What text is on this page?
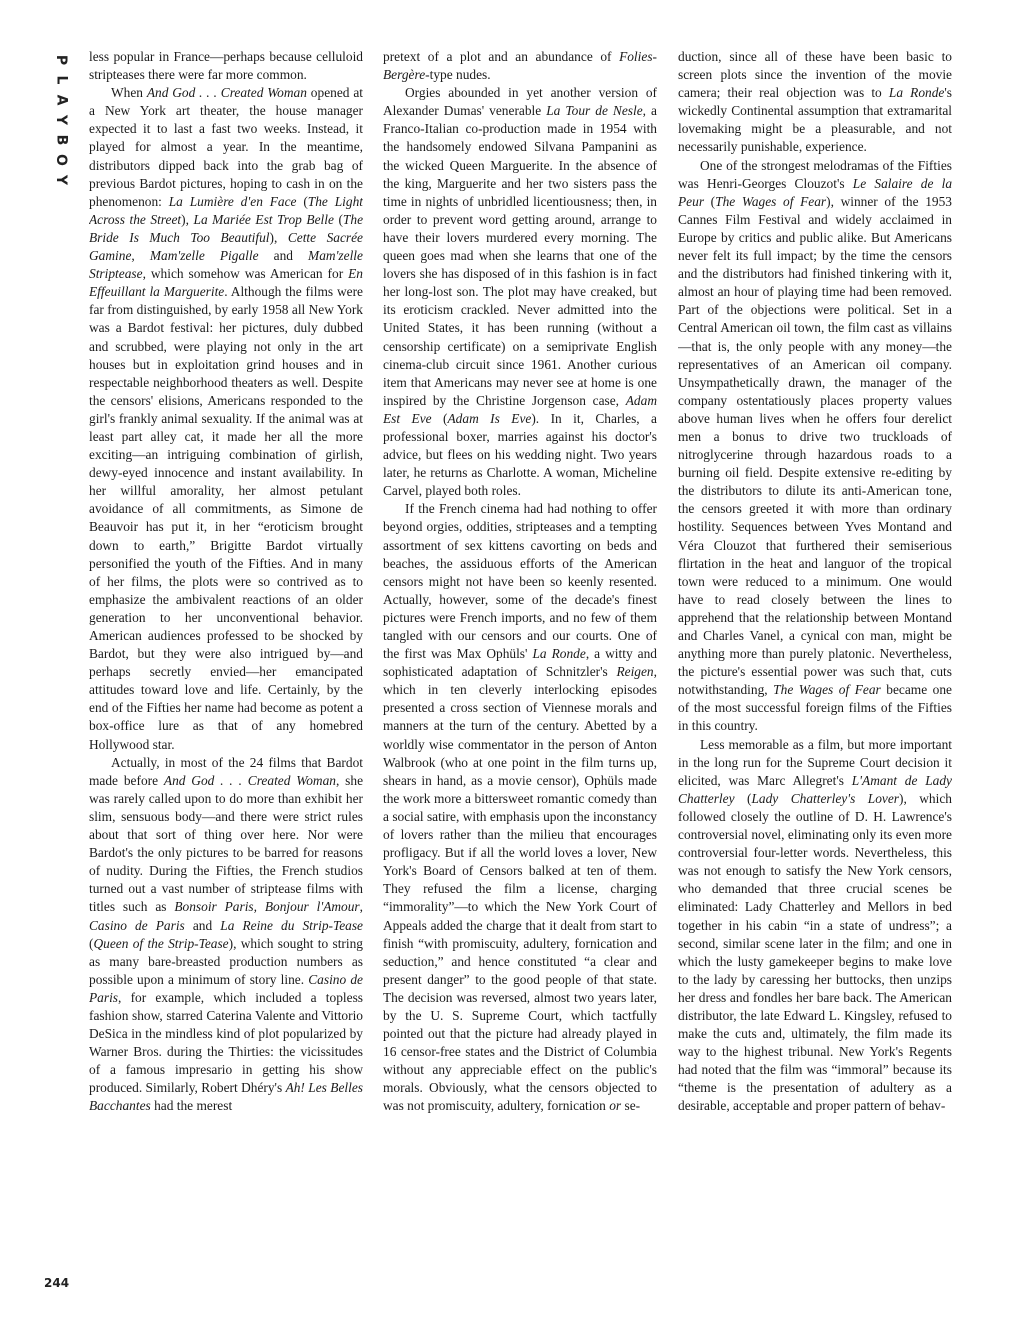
P
L
A
Y
B
O
Y
244

less popular in France—perhaps because celluloid stripteases there were far more common.

When And God . . . Created Woman opened at a New York art theater, the house manager expected it to last a fast two weeks. Instead, it played for almost a year. In the meantime, distributors dipped back into the grab bag of previous Bardot pictures, hoping to cash in on the phenomenon: La Lumière d'en Face (The Light Across the Street), La Mariée Est Trop Belle (The Bride Is Much Too Beautiful), Cette Sacrée Gamine, Mam'zelle Pigalle and Mam'zelle Striptease, which somehow was American for En Effeuillant la Marguerite. Although the films were far from distinguished, by early 1958 all New York was a Bardot festival: her pictures, duly dubbed and scrubbed, were playing not only in the art houses but in exploitation grind houses and in respectable neighborhood theaters as well. Despite the censors' elisions, Americans responded to the girl's frankly animal sexuality. If the animal was at least part alley cat, it made her all the more exciting—an intriguing combination of girlish, dewy-eyed innocence and instant availability. In her willful amorality, her almost petulant avoidance of all commitments, as Simone de Beauvoir has put it, in her “eroticism brought down to earth,” Brigitte Bardot virtually personified the youth of the Fifties. And in many of her films, the plots were so contrived as to emphasize the ambivalent reactions of an older generation to her unconventional behavior. American audiences professed to be shocked by Bardot, but they were also intrigued by—and perhaps secretly envied—her emancipated attitudes toward love and life. Certainly, by the end of the Fifties her name had become as potent a box-office lure as that of any homebred Hollywood star.

Actually, in most of the 24 films that Bardot made before And God . . . Created Woman, she was rarely called upon to do more than exhibit her slim, sensuous body—and there were strict rules about that sort of thing over here. Nor were Bardot's the only pictures to be barred for reasons of nudity. During the Fifties, the French studios turned out a vast number of striptease films with titles such as Bonsoir Paris, Bonjour l'Amour, Casino de Paris and La Reine du Strip-Tease (Queen of the Strip-Tease), which sought to string as many bare-breasted production numbers as possible upon a minimum of story line. Casino de Paris, for example, which included a topless fashion show, starred Caterina Valente and Vittorio DeSica in the mindless kind of plot popularized by Warner Bros. during the Thirties: the vicissitudes of a famous impresario in getting his show produced. Similarly, Robert Dhéry's Ah! Les Belles Bacchantes had the merest

pretext of a plot and an abundance of Folies-Bergère-type nudes.

Orgies abounded in yet another version of Alexander Dumas' venerable La Tour de Nesle, a Franco-Italian co-production made in 1954 with the handsomely endowed Silvana Pampanini as the wicked Queen Marguerite. In the absence of the king, Marguerite and her two sisters pass the time in nights of unbridled licentiousness; then, in order to prevent word getting around, arrange to have their lovers murdered every morning. The queen goes mad when she learns that one of the lovers she has disposed of in this fashion is in fact her long-lost son. The plot may have creaked, but its eroticism crackled. Never admitted into the United States, it has been running (without a censorship certificate) on a semiprivate English cinema-club circuit since 1961. Another curious item that Americans may never see at home is one inspired by the Christine Jorgenson case, Adam Est Eve (Adam Is Eve). In it, Charles, a professional boxer, marries against his doctor's advice, but flees on his wedding night. Two years later, he returns as Charlotte. A woman, Micheline Carvel, played both roles.

If the French cinema had had nothing to offer beyond orgies, oddities, stripteases and a tempting assortment of sex kittens cavorting on beds and beaches, the assiduous efforts of the American censors might not have been so keenly resented. Actually, however, some of the decade's finest pictures were French imports, and no few of them tangled with our censors and our courts. One of the first was Max Ophüls' La Ronde, a witty and sophisticated adaptation of Schnitzler's Reigen, which in ten cleverly interlocking episodes presented a cross section of Viennese morals and manners at the turn of the century. Abetted by a worldly wise commentator in the person of Anton Walbrook (who at one point in the film turns up, shears in hand, as a movie censor), Ophüls made the work more a bittersweet romantic comedy than a social satire, with emphasis upon the inconstancy of lovers rather than the milieu that encourages profligacy. But if all the world loves a lover, New York's Board of Censors balked at ten of them. They refused the film a license, charging “immorality”—to which the New York Court of Appeals added the charge that it dealt from start to finish “with promiscuity, adultery, fornication and seduction,” and hence constituted “a clear and present danger” to the good people of that state. The decision was reversed, almost two years later, by the U. S. Supreme Court, which tactfully pointed out that the picture had already played in 16 censor-free states and the District of Columbia without any appreciable effect on the public's morals. Obviously, what the censors objected to was not promiscuity, adultery, fornication or se-

duction, since all of these have been basic to screen plots since the invention of the movie camera; their real objection was to La Ronde's wickedly Continental assumption that extramarital lovemaking might be a pleasurable, and not necessarily punishable, experience.

One of the strongest melodramas of the Fifties was Henri-Georges Clouzot's Le Salaire de la Peur (The Wages of Fear), winner of the 1953 Cannes Film Festival and widely acclaimed in Europe by critics and public alike. But Americans never felt its full impact; by the time the censors and the distributors had finished tinkering with it, almost an hour of playing time had been removed. Part of the objections were political. Set in a Central American oil town, the film cast as villains—that is, the only people with any money—the representatives of an American oil company. Unsympathetically drawn, the manager of the company ostentatiously places property values above human lives when he offers four derelict men a bonus to drive two truckloads of nitroglycerine through hazardous roads to a burning oil field. Despite extensive re-editing by the distributors to dilute its anti-American tone, the censors greeted it with more than ordinary hostility. Sequences between Yves Montand and Véra Clouzot that furthered their semiserious flirtation in the heat and languor of the tropical town were reduced to a minimum. One would have to read closely between the lines to apprehend that the relationship between Montand and Charles Vanel, a cynical con man, might be anything more than purely platonic. Nevertheless, the picture's essential power was such that, cuts notwithstanding, The Wages of Fear became one of the most successful foreign films of the Fifties in this country.

Less memorable as a film, but more important in the long run for the Supreme Court decision it elicited, was Marc Allegret's L'Amant de Lady Chatterley (Lady Chatterley's Lover), which followed closely the outline of D. H. Lawrence's controversial novel, eliminating only its even more controversial four-letter words. Nevertheless, this was not enough to satisfy the New York censors, who demanded that three crucial scenes be eliminated: Lady Chatterley and Mellors in bed together in his cabin “in a state of undress”; a second, similar scene later in the film; and one in which the lusty gamekeeper begins to make love to the lady by caressing her buttocks, then unzips her dress and fondles her bare back. The American distributor, the late Edward L. Kingsley, refused to make the cuts and, ultimately, the film made its way to the highest tribunal. New York's Regents had noted that the film was “immoral” because its “theme is the presentation of adultery as a desirable, acceptable and proper pattern of behav-
